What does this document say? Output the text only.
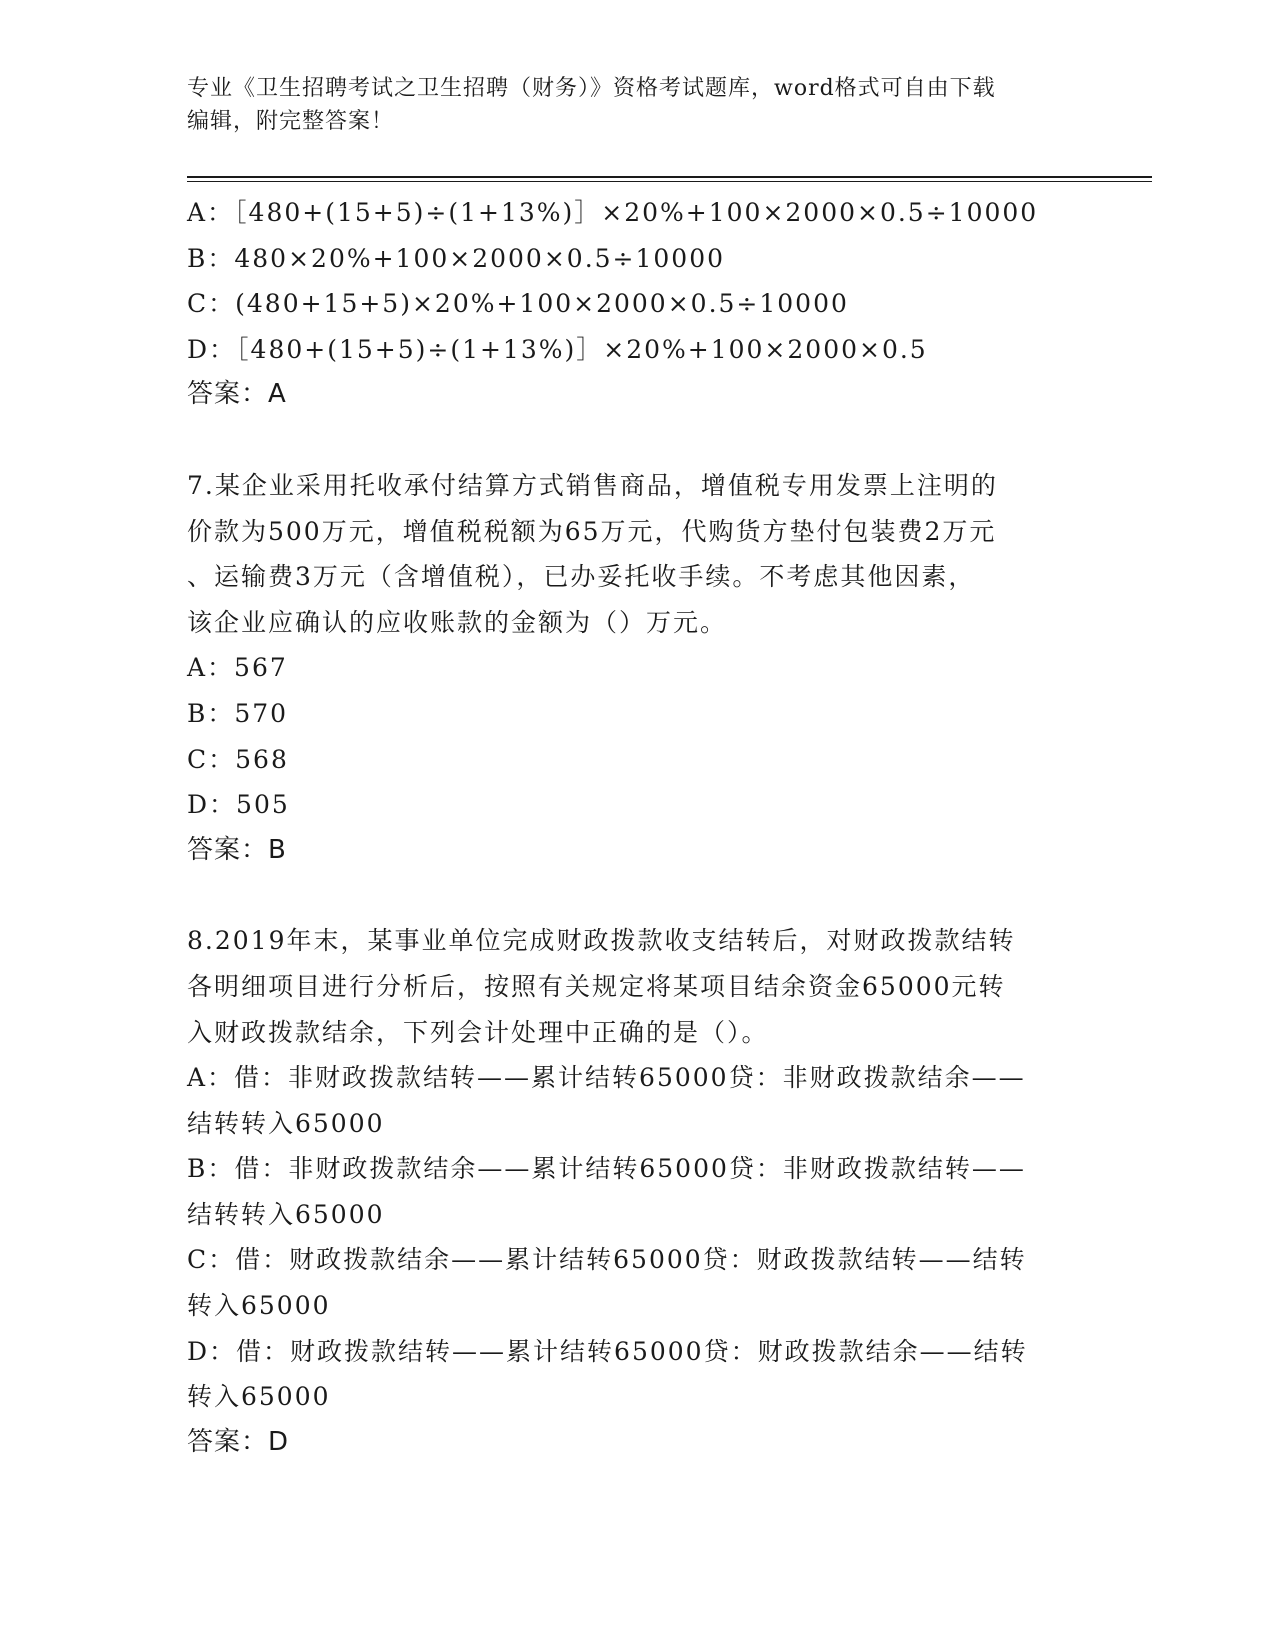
专业《卫生招聘考试之卫生招聘（财务）》资格考试题库，word格式可自由下载
编辑，附完整答案！
A：［480+(15+5)÷(1+13%)］×20%+100×2000×0.5÷10000
B：480×20%+100×2000×0.5÷10000
C：(480+15+5)×20%+100×2000×0.5÷10000
D：［480+(15+5)÷(1+13%)］×20%+100×2000×0.5
答案：A
7.某企业采用托收承付结算方式销售商品，增值税专用发票上注明的
价款为500万元，增值税税额为65万元，代购货方垫付包装费2万元
、运输费3万元（含增值税），已办妥托收手续。不考虑其他因素，
该企业应确认的应收账款的金额为（）万元。
A：567
B：570
C：568
D：505
答案：B
8.2019年末，某事业单位完成财政拨款收支结转后，对财政拨款结转
各明细项目进行分析后，按照有关规定将某项目结余资金65000元转
入财政拨款结余，下列会计处理中正确的是（）。
A：借：非财政拨款结转——累计结转65000贷：非财政拨款结余——
结转转入65000
B：借：非财政拨款结余——累计结转65000贷：非财政拨款结转——
结转转入65000
C：借：财政拨款结余——累计结转65000贷：财政拨款结转——结转
转入65000
D：借：财政拨款结转——累计结转65000贷：财政拨款结余——结转
转入65000
答案：D
